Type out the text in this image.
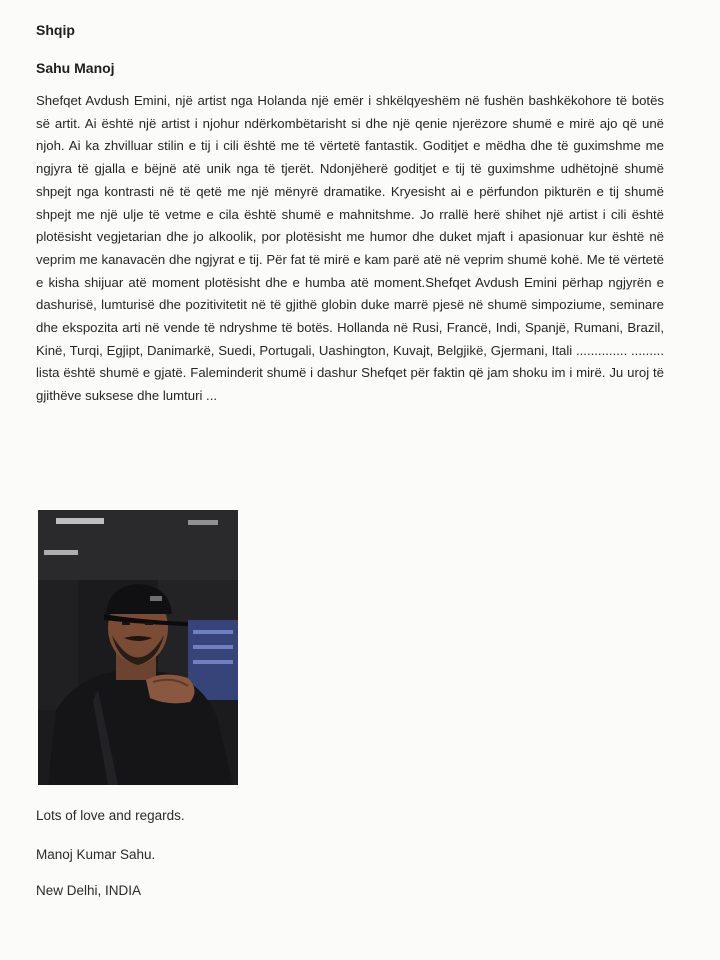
Shqip
Sahu Manoj

Shefqet Avdush Emini, një artist nga Holanda një emër i shkëlqyeshëm në fushën bashkëkohore të botës së artit. Ai është një artist i njohur ndërkombëtarisht si dhe një qenie njerëzore shumë e mirë ajo që unë njoh. Ai ka zhvilluar stilin e tij i cili është me të vërtetë fantastik. Goditjet e mëdha dhe të guximshme me ngjyra të gjalla e bëjnë atë unik nga të tjerët. Ndonjëherë goditjet e tij të guximshme udhëtojnë shumë shpejt nga kontrasti në të qetë me një mënyrë dramatike. Kryesisht ai e përfundon pikturën e tij shumë shpejt me një ulje të vetme e cila është shumë e mahnitshme. Jo rrallë herë shihet një artist i cili është plotësisht vegjetarian dhe jo alkoolik, por plotësisht me humor dhe duket mjaft i apasionuar kur është në veprim me kanavacën dhe ngjyrat e tij. Për fat të mirë e kam parë atë në veprim shumë kohë. Me të vërtetë e kisha shijuar atë moment plotësisht dhe e humba atë moment.Shefqet Avdush Emini përhap ngjyrën e dashurisë, lumturisë dhe pozitivitetit në të gjithë globin duke marrë pjesë në shumë simpoziume, seminare dhe ekspozita arti në vende të ndryshme të botës. Hollanda në Rusi, Francë, Indi, Spanjë, Rumani, Brazil, Kinë, Turqi, Egjipt, Danimarkë, Suedi, Portugali, Uashington, Kuvajt, Belgjikë, Gjermani, Itali .............. ......... lista është shumë e gjatë. Faleminderit shumë i dashur Shefqet për faktin që jam shoku im i mirë. Ju uroj të gjithëve suksese dhe lumturi ...

Lots of love and regards.
Manoj Kumar Sahu.
New Delhi, INDIA
